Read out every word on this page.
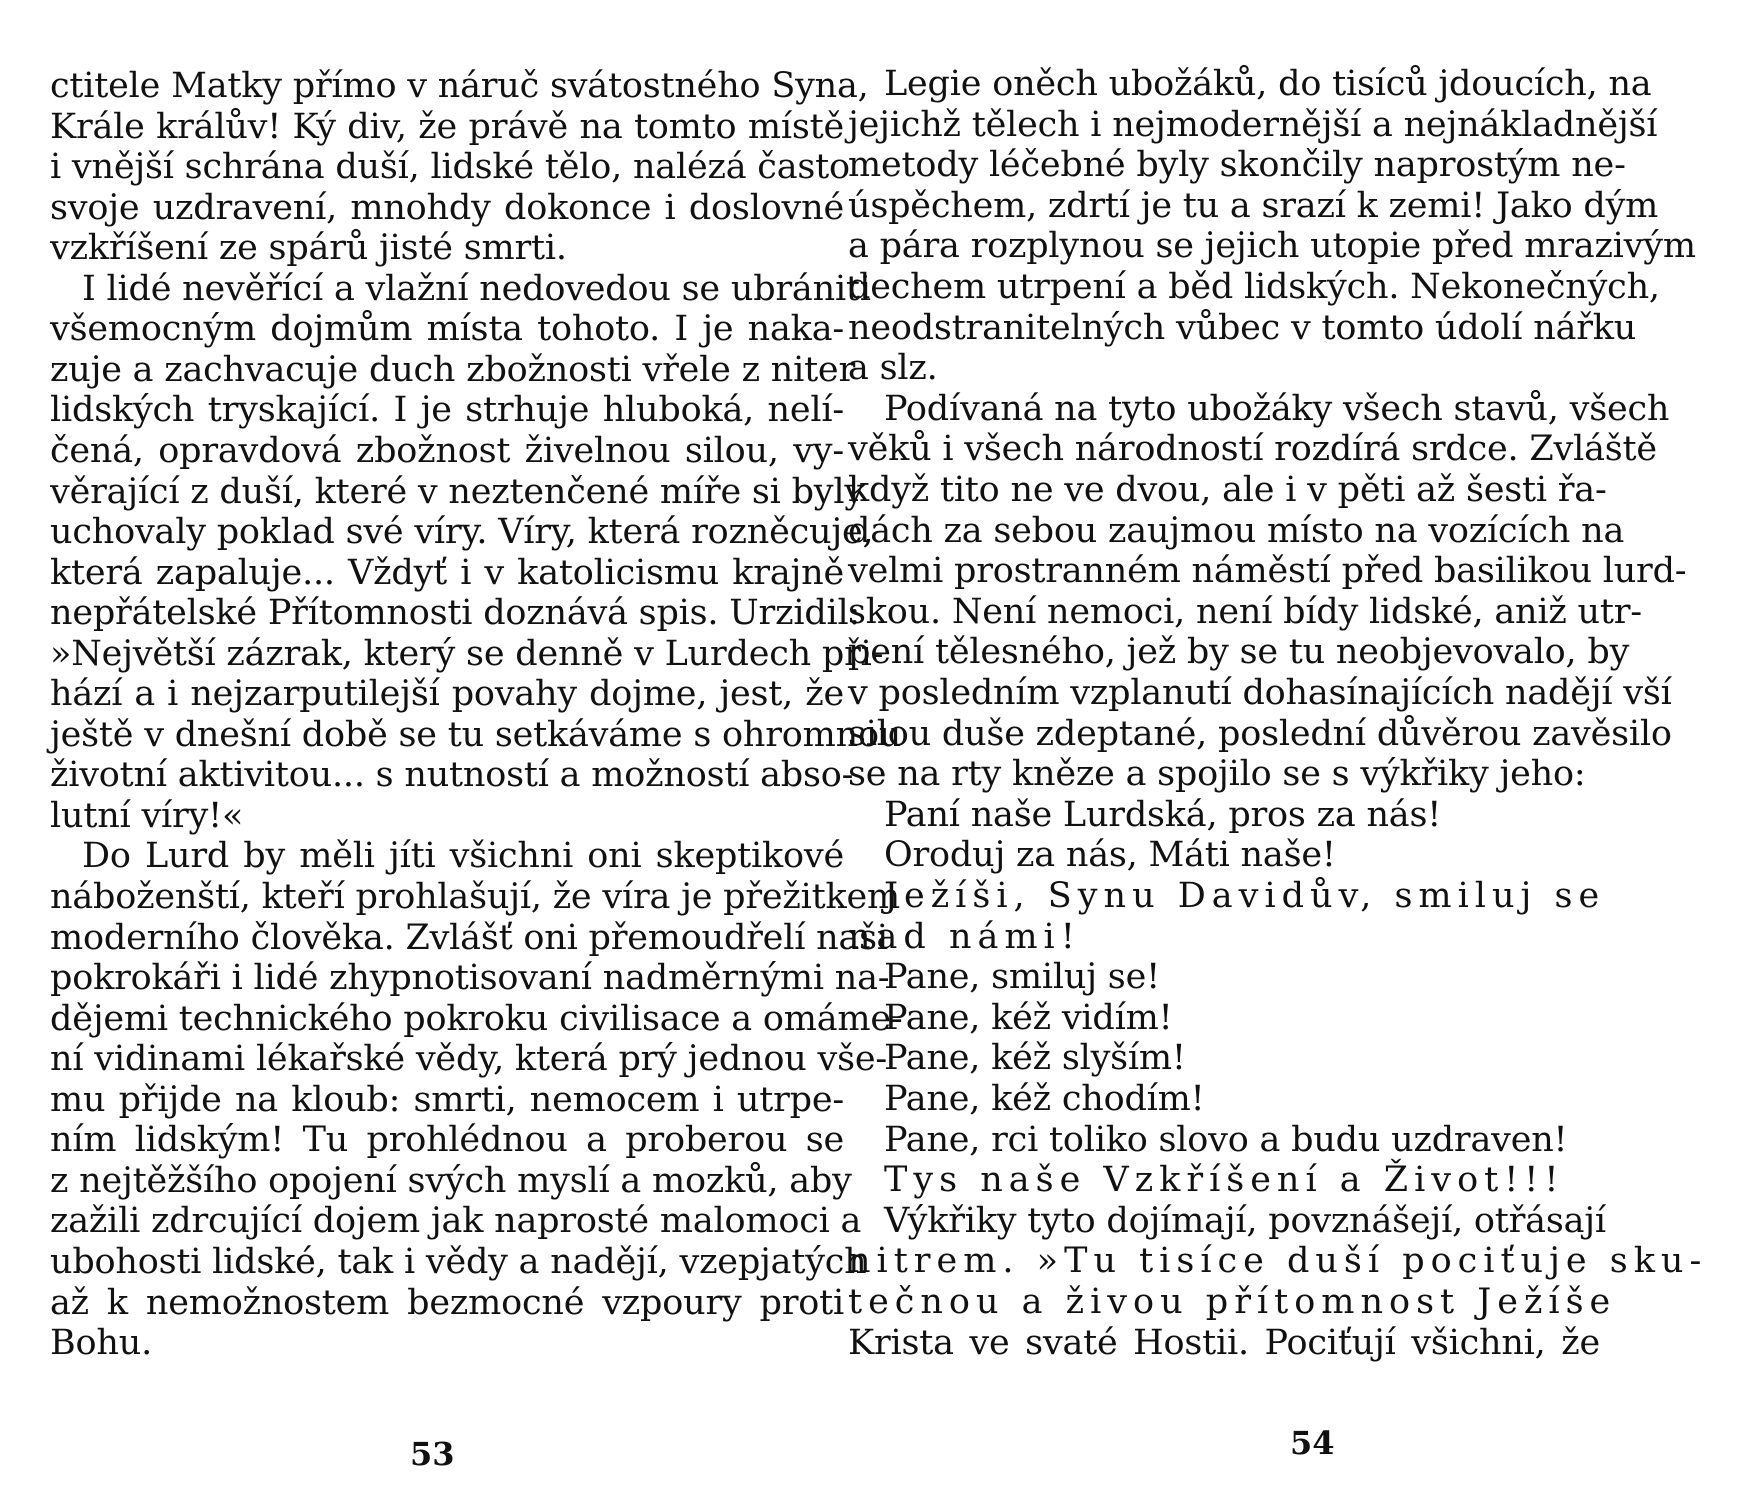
ctitele Matky přímo v náruč svátostného Syna,
Krále králův! Ký div, že právě na tomto místě
i vnější schrána duší, lidské tělo, nalézá často
svoje uzdravení, mnohdy dokonce i doslovné
vzkříšení ze spárů jisté smrti.
I lidé nevěřící a vlažní nedovedou se ubrániti
všemocným dojmům místa tohoto. I je naka-
zuje a zachvacuje duch zbožnosti vřele z niter
lidských tryskající. I je strhuje hluboká, nelí-
čená, opravdová zbožnost živelnou silou, vy-
věrající z duší, které v neztenčené míře si byly
uchovaly poklad své víry. Víry, která rozněcuje,
která zapaluje... Vždyť i v katolicismu krajně
nepřátelské Přítomnosti doznává spis. Urzidil:
»Největší zázrak, který se denně v Lurdech při-
hází a i nejzarputilejší povahy dojme, jest, že
ještě v dnešní době se tu setkáváme s ohromnou
životní aktivitou... s nutností a možností abso-
lutní víry!«
Do Lurd by měli jíti všichni oni skeptikové
náboženští, kteří prohlašují, že víra je přežitkem
moderního člověka. Zvlášť oni přemoudřelí naši
pokrokáři i lidé zhypnotisovaní nadměrnými na-
dějemi technického pokroku civilisace a omáme-
ní vidinami lékařské vědy, která prý jednou vše-
mu přijde na kloub: smrti, nemocem i utrpe-
ním lidským! Tu prohlédnou a proberou se
z nejtěžšího opojení svých myslí a mozků, aby
zažili zdrcující dojem jak naprosté malomoci a
ubohosti lidské, tak i vědy a nadějí, vzepjatých
až k nemožnostem bezmocné vzpoury proti
Bohu.
53
Legie oněch ubožáků, do tisíců jdoucích, na
jejichž tělech i nejmodernější a nejnákladnější
metody léčebné byly skončily naprostým ne-
úspěchem, zdrtí je tu a srazí k zemi! Jako dým
a pára rozplynou se jejich utopie před mrazivým
dechem utrpení a běd lidských. Nekonečných,
neodstranitelných vůbec v tomto údolí nářku
a slz.
Podívaná na tyto ubožáky všech stavů, všech
věků i všech národností rozdírá srdce. Zvláště
když tito ne ve dvou, ale i v pěti až šesti řa-
dách za sebou zaujmou místo na vozících na
velmi prostranném náměstí před basilikou lurd-
skou. Není nemoci, není bídy lidské, aniž utr-
pení tělesného, jež by se tu neobjevovalo, by
v posledním vzplanutí dohasínajících nadějí vší
silou duše zdeptané, poslední důvěrou zavěsilo
se na rty kněze a spojilo se s výkřiky jeho:
Paní naše Lurdská, pros za nás!
Oroduj za nás, Máti naše!
Ježíši, Synu Davidův, smiluj se
nad námi!
Pane, smiluj se!
Pane, kéž vidím!
Pane, kéž slyším!
Pane, kéž chodím!
Pane, rci toliko slovo a budu uzdraven!
Tys naše Vzkříšení a Život!!!
Výkřiky tyto dojímají, povznášejí, otřásají
nitrem. »Tu tisíce duší pociťuje sku-
tečnou a živou přítomnost Ježíše
Krista ve svaté Hostii. Pociťují všichni, že
54
